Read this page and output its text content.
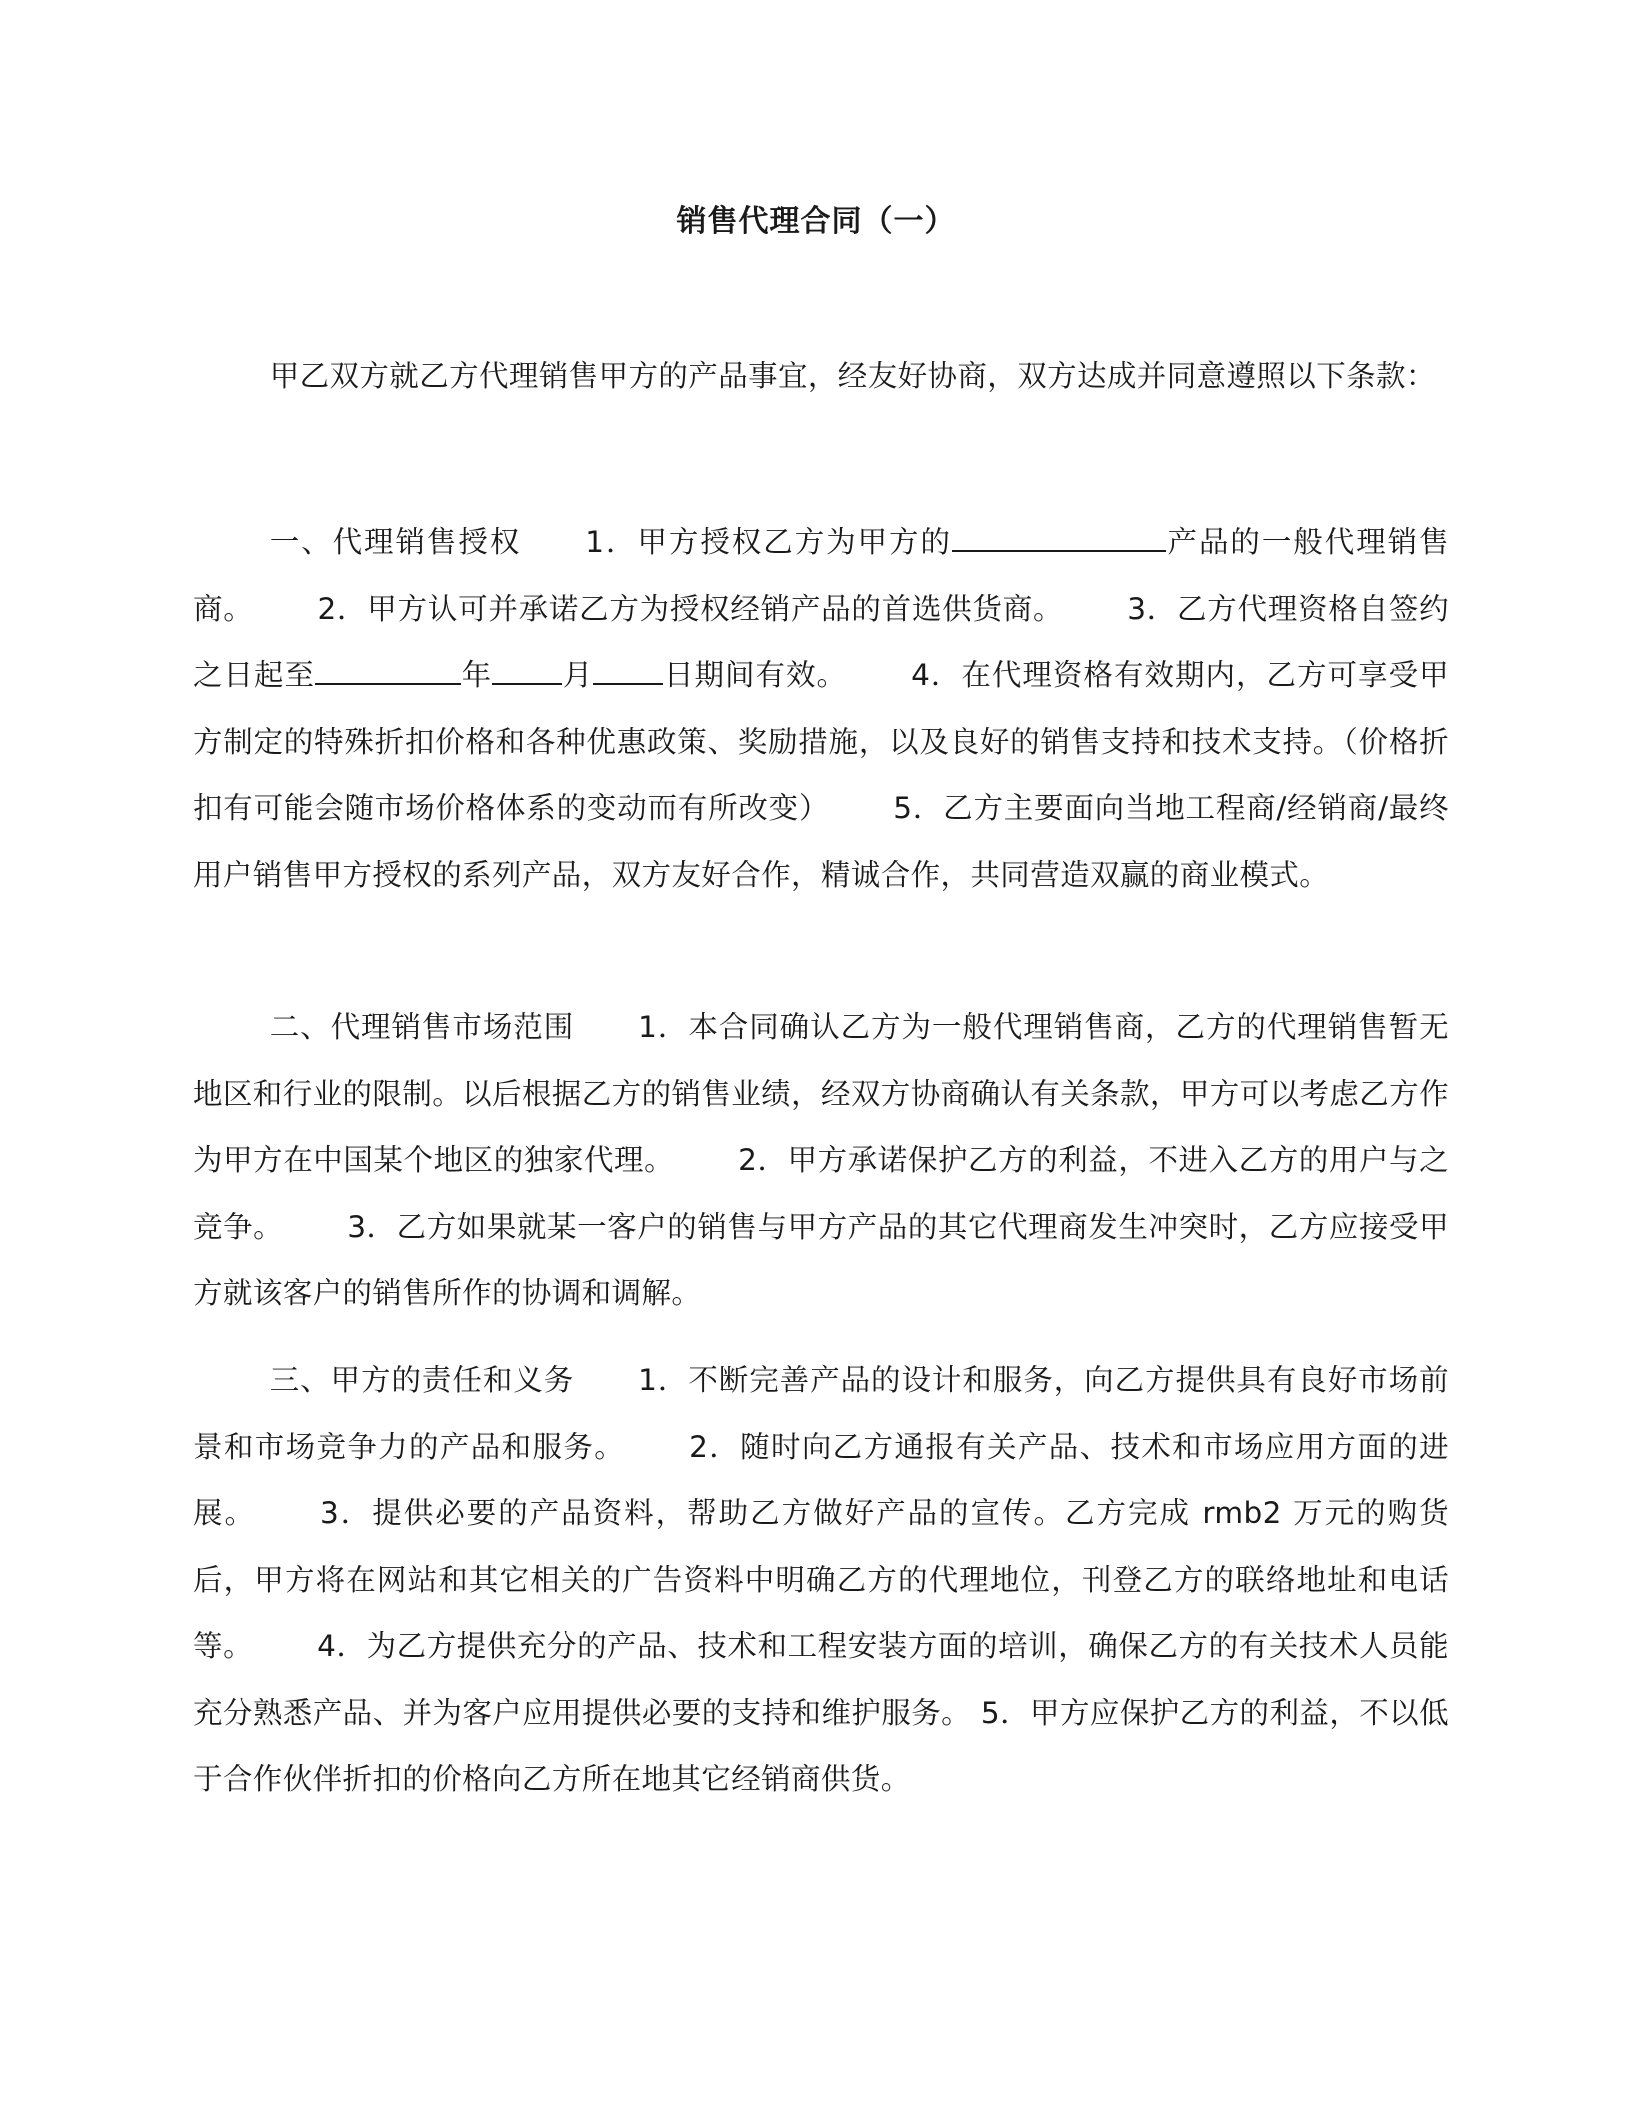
销售代理合同（一）

甲乙双方就乙方代理销售甲方的产品事宜，经友好协商，双方达成并同意遵照以下条款：

一、代理销售授权 1．甲方授权乙方为甲方的	产品的一般代理销售商。 2．甲方认可并承诺乙方为授权经销产品的首选供货商。 3．乙方代理资格自签约之日起至	年 月 日期间有效。 4．在代理资格有效期内，乙方可享受甲方制定的特殊折扣价格和各种优惠政策、奖励措施，以及良好的销售支持和技术支持。（价格折扣有可能会随市场价格体系的变动而有所改变） 5．乙方主要面向当地工程商/经销商/最终用户销售甲方授权的系列产品，双方友好合作，精诚合作，共同营造双赢的商业模式。

二、代理销售市场范围 1．本合同确认乙方为一般代理销售商，乙方的代理销售暂无地区和行业的限制。以后根据乙方的销售业绩，经双方协商确认有关条款，甲方可以考虑乙方作为甲方在中国某个地区的独家代理。 2．甲方承诺保护乙方的利益，不进入乙方的用户与之竞争。 3．乙方如果就某一客户的销售与甲方产品的其它代理商发生冲突时，乙方应接受甲方就该客户的销售所作的协调和调解。

三、甲方的责任和义务 1．不断完善产品的设计和服务，向乙方提供具有良好市场前景和市场竞争力的产品和服务。 2．随时向乙方通报有关产品、技术和市场应用方面的进展。 3．提供必要的产品资料，帮助乙方做好产品的宣传。乙方完成 rmb2 万元的购货后，甲方将在网站和其它相关的广告资料中明确乙方的代理地位，刊登乙方的联络地址和电话等。 4．为乙方提供充分的产品、技术和工程安装方面的培训，确保乙方的有关技术人员能充分熟悉产品、并为客户应用提供必要的支持和维护服务。 5．甲方应保护乙方的利益，不以低于合作伙伴折扣的价格向乙方所在地其它经销商供货。
